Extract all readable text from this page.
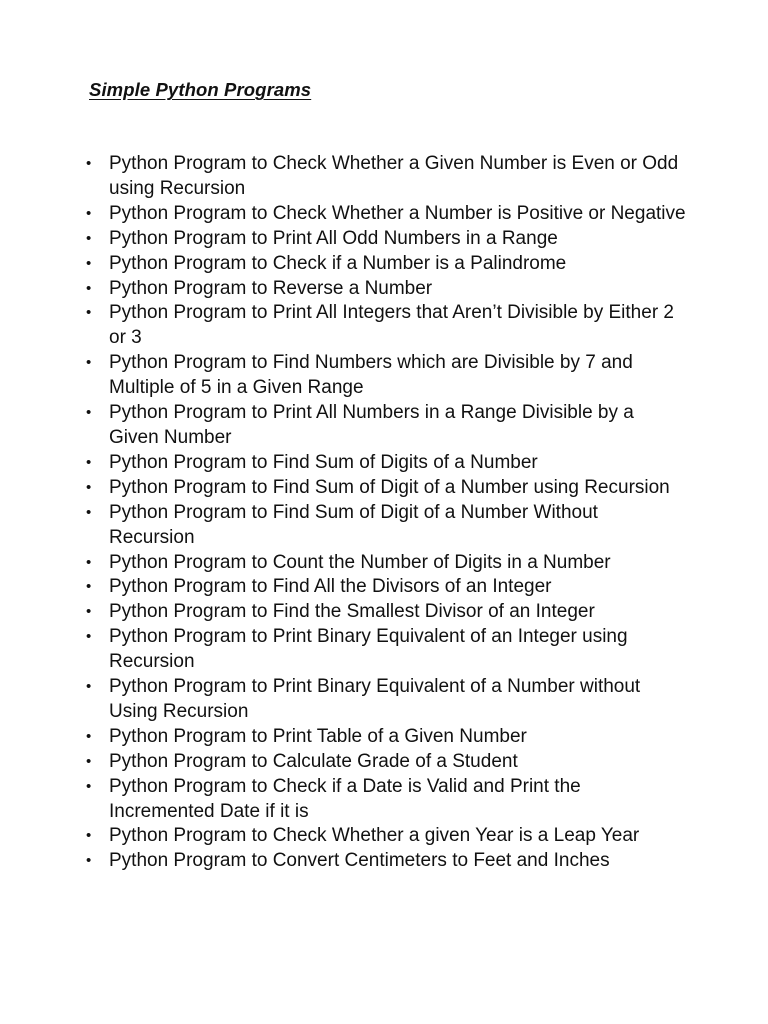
Simple Python Programs
• Python Program to Check Whether a Given Number is Even or Odd using Recursion
• Python Program to Check Whether a Number is Positive or Negative
• Python Program to Print All Odd Numbers in a Range
• Python Program to Check if a Number is a Palindrome
• Python Program to Reverse a Number
• Python Program to Print All Integers that Aren’t Divisible by Either 2 or 3
• Python Program to Find Numbers which are Divisible by 7 and Multiple of 5 in a Given Range
• Python Program to Print All Numbers in a Range Divisible by a Given Number
• Python Program to Find Sum of Digits of a Number
• Python Program to Find Sum of Digit of a Number using Recursion
• Python Program to Find Sum of Digit of a Number Without Recursion
• Python Program to Count the Number of Digits in a Number
• Python Program to Find All the Divisors of an Integer
• Python Program to Find the Smallest Divisor of an Integer
• Python Program to Print Binary Equivalent of an Integer using Recursion
• Python Program to Print Binary Equivalent of a Number without Using Recursion
• Python Program to Print Table of a Given Number
• Python Program to Calculate Grade of a Student
• Python Program to Check if a Date is Valid and Print the Incremented Date if it is
• Python Program to Check Whether a given Year is a Leap Year
• Python Program to Convert Centimeters to Feet and Inches
